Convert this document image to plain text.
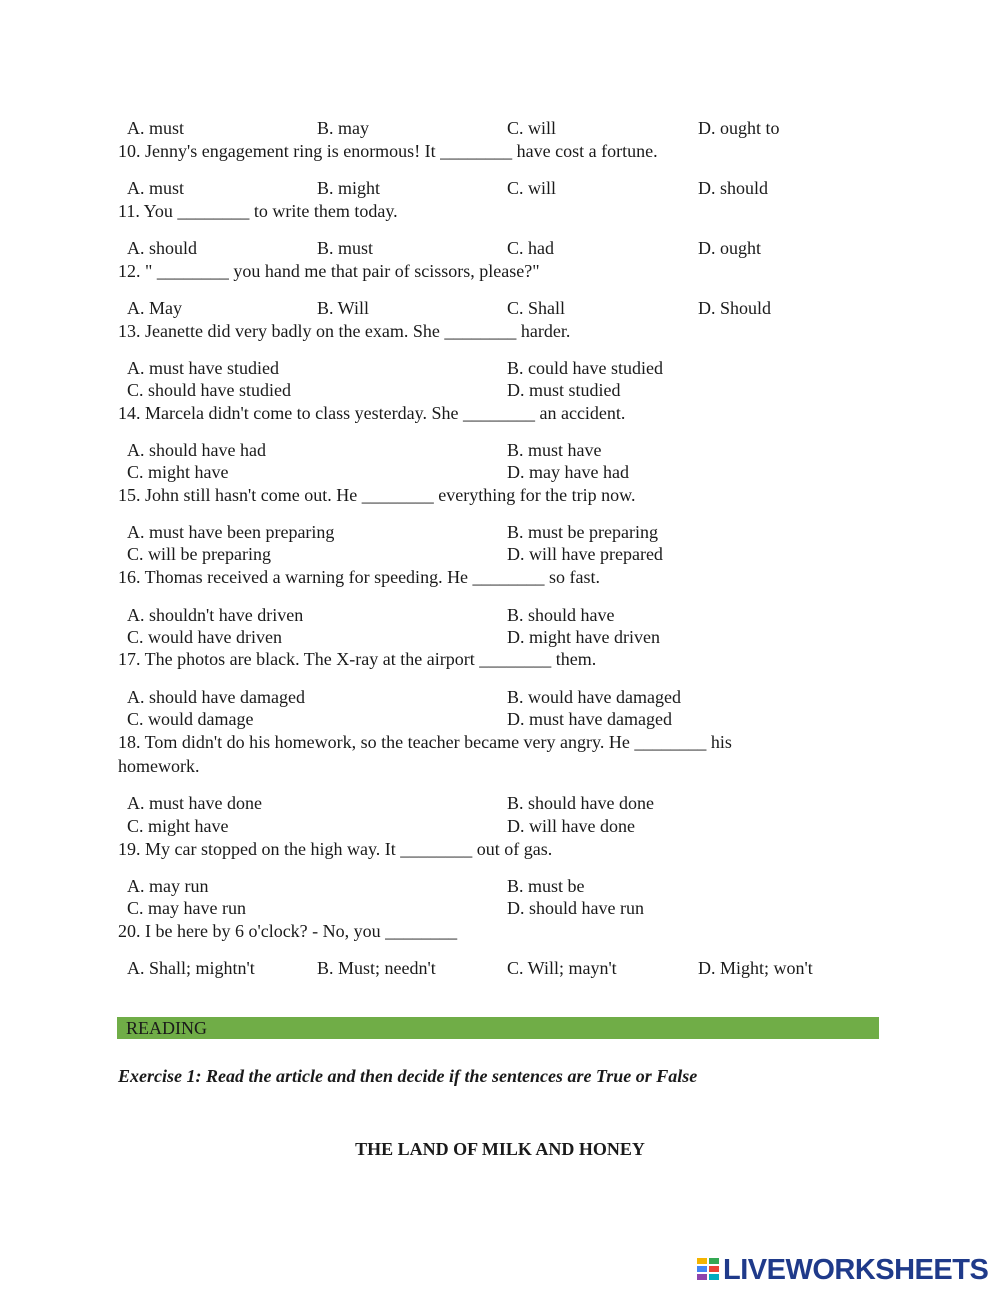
A. must	B. may	C. will	D. ought to
10. Jenny's engagement ring is enormous! It ________ have cost a fortune.
A. must	B. might	C. will	D. should
11. You ________ to write them today.
A. should	B. must	C. had	D. ought
12. " ________ you hand me that pair of scissors, please?"
A. May	B. Will	C. Shall	D. Should
13. Jeanette did very badly on the exam. She ________ harder.
A. must have studied	B. could have studied
C. should have studied	D. must studied
14. Marcela didn't come to class yesterday. She ________ an accident.
A. should have had	B. must have
C. might have	D. may have had
15. John still hasn't come out. He ________ everything for the trip now.
A. must have been preparing	B. must be preparing
C. will be preparing	D. will have prepared
16. Thomas received a warning for speeding. He ________ so fast.
A. shouldn't have driven	B. should have
C. would have driven	D. might have driven
17. The photos are black. The X-ray at the airport ________ them.
A. should have damaged	B. would have damaged
C. would damage	D. must have damaged
18. Tom didn't do his homework, so the teacher became very angry. He ________ his
homework.
A. must have done	B. should have done
C. might have	D. will have done
19. My car stopped on the high way. It ________ out of gas.
A. may run	B. must be
C. may have run	D. should have run
20. I be here by 6 o'clock? - No, you ________
A. Shall; mightn't	B. Must; needn't	C. Will; mayn't	D. Might; won't
READING
Exercise 1: Read the article and then decide if the sentences are True or False
THE LAND OF MILK AND HONEY
LIVEWORKSHEETS
